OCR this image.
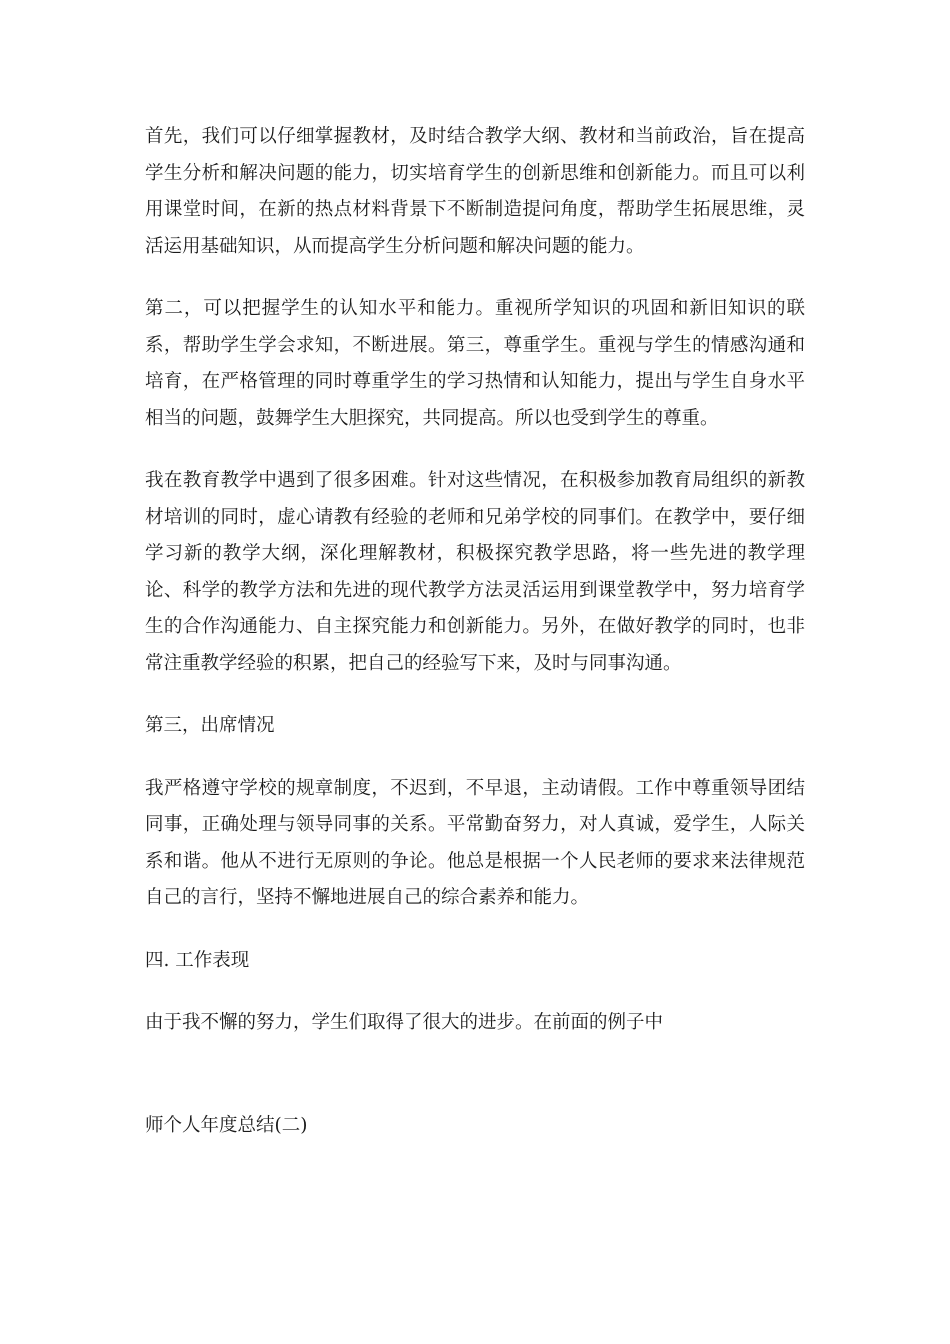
首先，我们可以仔细掌握教材，及时结合教学大纲、教材和当前政治，旨在提高学生分析和解决问题的能力，切实培育学生的创新思维和创新能力。而且可以利用课堂时间，在新的热点材料背景下不断制造提问角度，帮助学生拓展思维，灵活运用基础知识，从而提高学生分析问题和解决问题的能力。

第二，可以把握学生的认知水平和能力。重视所学知识的巩固和新旧知识的联系，帮助学生学会求知，不断进展。第三，尊重学生。重视与学生的情感沟通和培育，在严格管理的同时尊重学生的学习热情和认知能力，提出与学生自身水平相当的问题，鼓舞学生大胆探究，共同提高。所以也受到学生的尊重。

我在教育教学中遇到了很多困难。针对这些情况，在积极参加教育局组织的新教材培训的同时，虚心请教有经验的老师和兄弟学校的同事们。在教学中，要仔细学习新的教学大纲，深化理解教材，积极探究教学思路，将一些先进的教学理论、科学的教学方法和先进的现代教学方法灵活运用到课堂教学中，努力培育学生的合作沟通能力、自主探究能力和创新能力。另外，在做好教学的同时，也非常注重教学经验的积累，把自己的经验写下来，及时与同事沟通。

第三，出席情况

我严格遵守学校的规章制度，不迟到，不早退，主动请假。工作中尊重领导团结同事，正确处理与领导同事的关系。平常勤奋努力，对人真诚，爱学生，人际关系和谐。他从不进行无原则的争论。他总是根据一个人民老师的要求来法律规范自己的言行，坚持不懈地进展自己的综合素养和能力。

四. 工作表现

由于我不懈的努力，学生们取得了很大的进步。在前面的例子中

师个人年度总结(二)
